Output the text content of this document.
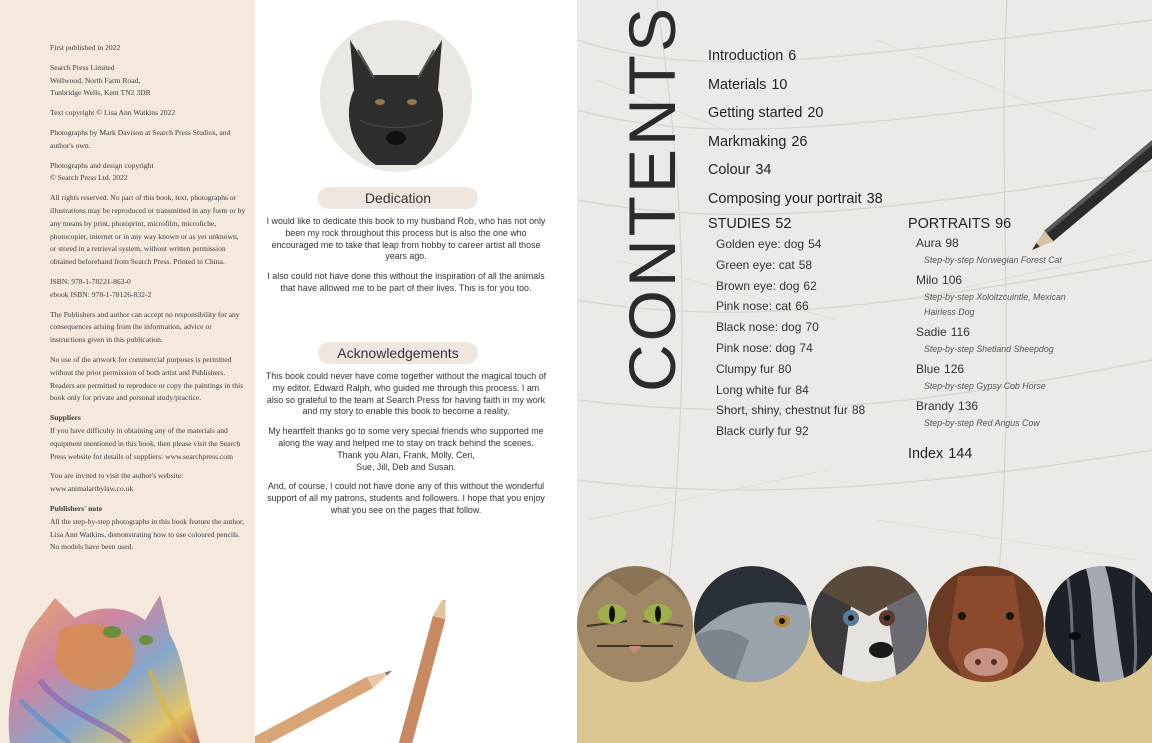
First published in 2022

Search Press Limited
Wellwood, North Farm Road,
Tunbridge Wells, Kent TN2 3DR

Text copyright © Lisa Ann Watkins 2022

Photographs by Mark Davison at Search Press Studios, and author's own.

Photographs and design copyright
© Search Press Ltd. 2022

All rights reserved. No part of this book, text, photographs or illustrations may be reproduced or transmitted in any form or by any means by print, photoprint, microfilm, microfiche, photocopier, internet or in any way known or as yet unknown, or stored in a retrieval system, without written permission obtained beforehand from Search Press. Printed in China.

ISBN: 978-1-78221-863-0
ebook ISBN: 978-1-78126-832-2

The Publishers and author can accept no responsibility for any consequences arising from the information, advice or instructions given in this publication.

No use of the artwork for commercial purposes is permitted without the prior permission of both artist and Publishers. Readers are permitted to reproduce or copy the paintings in this book only for private and personal study/practice.

Suppliers

If you have difficulty in obtaining any of the materials and equipment mentioned in this book, then please visit the Search Press website for details of suppliers: www.searchpress.com

You are invited to visit the author's website: www.animalartbylaw.co.uk

Publishers' note

All the step-by-step photographs in this book feature the author, Lisa Ann Watkins, demonstrating how to use coloured pencils. No models have been used.

Dedication

I would like to dedicate this book to my husband Rob, who has not only been my rock throughout this process but is also the one who encouraged me to take that leap from hobby to career artist all those years ago.

I also could not have done this without the inspiration of all the animals that have allowed me to be part of their lives. This is for you too.

Acknowledgements

This book could never have come together without the magical touch of my editor, Edward Ralph, who guided me through this process. I am also so grateful to the team at Search Press for having faith in my work and my story to enable this book to become a reality.

My heartfelt thanks go to some very special friends who supported me along the way and helped me to stay on track behind the scenes.
Thank you Alan, Frank, Molly, Ceri,
Sue, Jill, Deb and Susan.

And, of course, I could not have done any of this without the wonderful support of all my patrons, students and followers. I hope that you enjoy what you see on the pages that follow.

CONTENTS Introduction 6
Materials 10
Getting started 20
Markmaking 26
Colour 34
Composing your portrait 38
STUDIES 52
Golden eye: dog 54
Green eye: cat 58
Brown eye: dog 62
Pink nose: cat 66
Black nose: dog 70
Pink nose: dog 74
Clumpy fur 80
Long white fur 84
Short, shiny, chestnut fur 88
Black curly fur 92
PORTRAITS 96
Aura 98
Step-by-step Norwegian Forest Cat
Milo 106
Step-by-step Xoloitzcuintle, Mexican Hairless Dog
Sadie 116
Step-by-step Shetland Sheepdog
Blue 126
Step-by-step Gypsy Cob Horse
Brandy 136
Step-by-step Red Angus Cow
Index 144
